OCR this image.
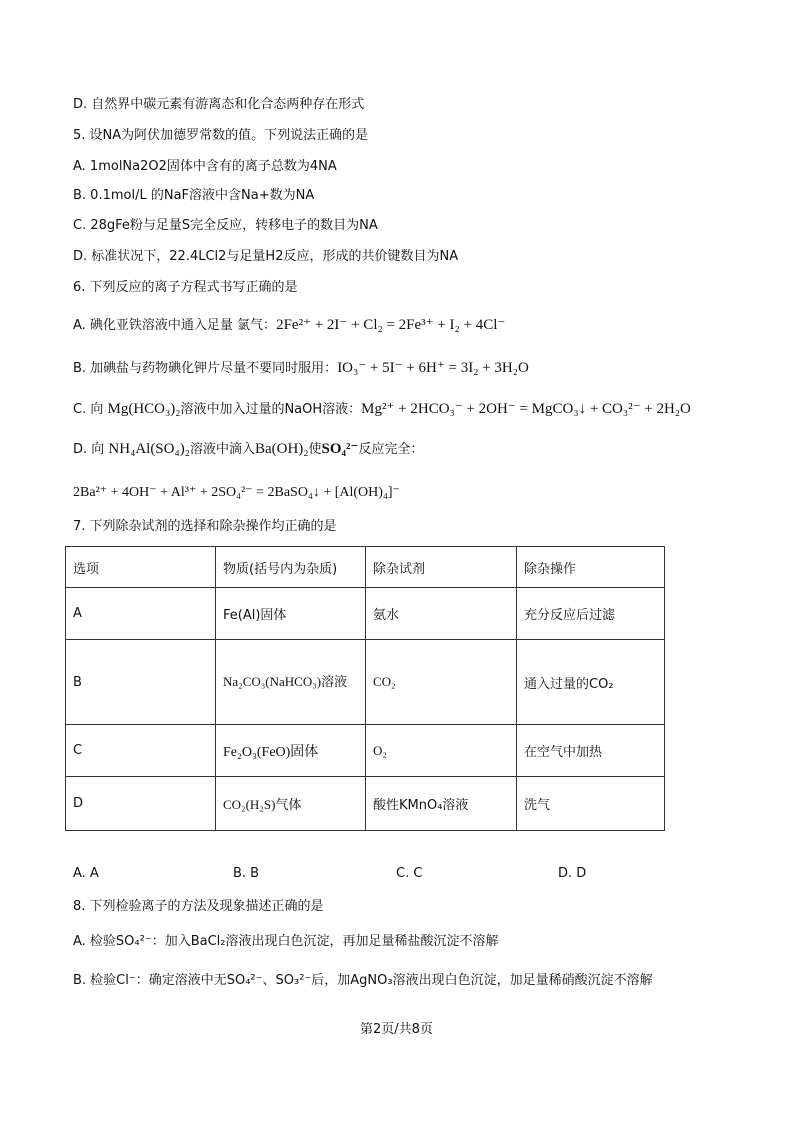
D. 自然界中碳元素有游离态和化合态两种存在形式
5. 设NA为阿伏加德罗常数的值。下列说法正确的是
A. 1molNa2O2固体中含有的离子总数为4NA
B. 0.1mol/L 的NaF溶液中含Na+数为NA
C. 28gFe粉与足量S完全反应，转移电子的数目为NA
D. 标准状况下，22.4LCl2与足量H2反应，形成的共价键数目为NA
6. 下列反应的离子方程式书写正确的是
A. 碘化亚铁溶液中通入足量 氯气：2Fe²⁺ + 2I⁻ + Cl₂ = 2Fe³⁺ + I₂ + 4Cl⁻
B. 加碘盐与药物碘化钾片尽量不要同时服用：IO₃⁻ + 5I⁻ + 6H⁺ = 3I₂ + 3H₂O
C. 向 Mg(HCO₃)₂溶液中加入过量的NaOH溶液：Mg²⁺ + 2HCO₃⁻ + 2OH⁻ = MgCO₃↓ + CO₃²⁻ + 2H₂O
D. 向 NH₄Al(SO₄)₂溶液中滴入Ba(OH)₂使SO₄²⁻反应完全：
2Ba²⁺ + 4OH⁻ + Al³⁺ + 2SO₄²⁻ = 2BaSO₄↓ + [Al(OH)₄]⁻
7. 下列除杂试剂的选择和除杂操作均正确的是
选项	物质(括号内为杂质)	除杂试剂	除杂操作
A	Fe(Al)固体	氨水	充分反应后过滤
B	Na₂CO₃(NaHCO₃)溶液	CO₂	通入过量的CO₂
C	Fe₂O₃(FeO)固体	O₂	在空气中加热
D	CO₂(H₂S)气体	酸性KMnO₄溶液	洗气
A. A	B. B	C. C	D. D
8. 下列检验离子的方法及现象描述正确的是
A. 检验SO₄²⁻：加入BaCl₂溶液出现白色沉淀，再加足量稀盐酸沉淀不溶解
B. 检验Cl⁻：确定溶液中无SO₄²⁻、SO₃²⁻后，加AgNO₃溶液出现白色沉淀，加足量稀硝酸沉淀不溶解
第2页/共8页
